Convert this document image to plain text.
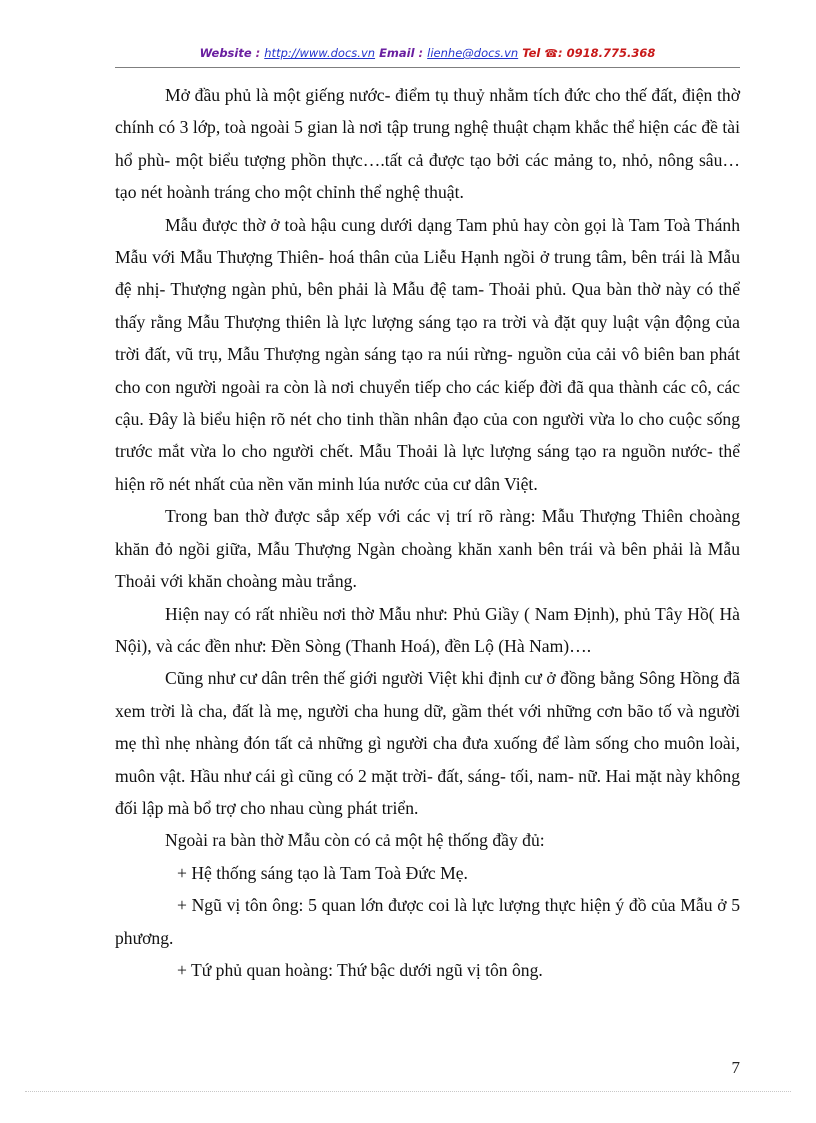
Website : http://www.docs.vn Email : lienhe@docs.vn Tel ☎: 0918.775.368

Mở đầu phủ là một giếng nước- điểm tụ thuỷ nhằm tích đức cho thế đất, điện thờ chính có 3 lớp, toà ngoài 5 gian là nơi tập trung nghệ thuật chạm khắc thể hiện các đề tài hổ phù- một biểu tượng phồn thực….tất cả được tạo bởi các mảng to, nhỏ, nông sâu… tạo nét hoành tráng cho một chỉnh thể nghệ thuật.

Mẫu được thờ ở toà hậu cung dưới dạng Tam phủ hay còn gọi là Tam Toà Thánh Mẫu với Mẫu Thượng Thiên- hoá thân của Liễu Hạnh ngồi ở trung tâm, bên trái là Mẫu đệ nhị- Thượng ngàn phủ, bên phải là Mẫu đệ tam- Thoải phủ. Qua bàn thờ này có thể thấy rằng Mẫu Thượng thiên là lực lượng sáng tạo ra trời và đặt quy luật vận động của trời đất, vũ trụ, Mẫu Thượng ngàn sáng tạo ra núi rừng- nguồn của cải vô biên ban phát cho con người ngoài ra còn là nơi chuyển tiếp cho các kiếp đời đã qua thành các cô, các cậu. Đây là biểu hiện rõ nét cho tinh thần nhân đạo của con người vừa lo cho cuộc sống trước mắt vừa lo cho người chết. Mẫu Thoải là lực lượng sáng tạo ra nguồn nước- thể hiện rõ nét nhất của nền văn minh lúa nước của cư dân Việt.

Trong ban thờ được sắp xếp với các vị trí rõ ràng: Mẫu Thượng Thiên choàng khăn đỏ ngồi giữa, Mẫu Thượng Ngàn choàng khăn xanh bên trái và bên phải là Mẫu Thoải với khăn choàng màu trắng.

Hiện nay có rất nhiều nơi thờ Mẫu như: Phủ Giầy ( Nam Định), phủ Tây Hồ( Hà Nội), và các đền như: Đền Sòng (Thanh Hoá), đền Lộ (Hà Nam)….

Cũng như cư dân trên thế giới người Việt khi định cư ở đồng bằng Sông Hồng đã xem trời là cha, đất là mẹ, người cha hung dữ, gầm thét với những cơn bão tố và người mẹ thì nhẹ nhàng đón tất cả những gì người cha đưa xuống để làm sống cho muôn loài, muôn vật. Hầu như cái gì cũng có 2 mặt trời- đất, sáng- tối, nam- nữ. Hai mặt này không đối lập mà bổ trợ cho nhau cùng phát triển.

Ngoài ra bàn thờ Mẫu còn có cả một hệ thống đầy đủ:

+ Hệ thống sáng tạo là Tam Toà Đức Mẹ.

+ Ngũ vị tôn ông: 5 quan lớn được coi là lực lượng thực hiện ý đồ của Mẫu ở 5 phương.

+ Tứ phủ quan hoàng: Thứ bậc dưới ngũ vị tôn ông.

7
